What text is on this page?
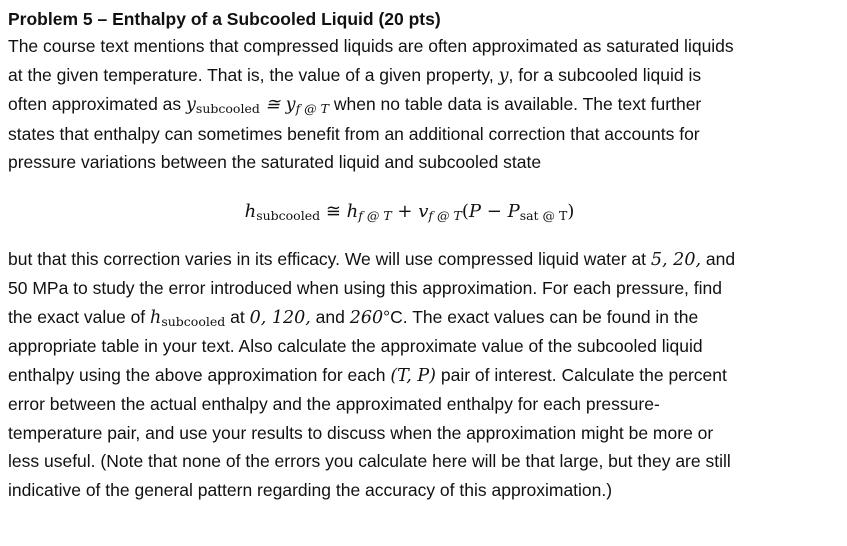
Problem 5 – Enthalpy of a Subcooled Liquid (20 pts)

The course text mentions that compressed liquids are often approximated as saturated liquids
at the given temperature. That is, the value of a given property, y, for a subcooled liquid is
often approximated as $y_{subcooled}$ ≅ $y_{f @ T}$ when no table data is available. The text further
states that enthalpy can sometimes benefit from an additional correction that accounts for
pressure variations between the saturated liquid and subcooled state

$h_{subcooled}$ ≅ $h_{f @ T} + v_{f @ T}(P - P_{sat @ T})$

but that this correction varies in its efficacy. We will use compressed liquid water at 5, 20, and
50 MPa to study the error introduced when using this approximation. For each pressure, find
the exact value of $h_{subcooled}$ at 0, 120, and 260°C. The exact values can be found in the
appropriate table in your text. Also calculate the approximate value of the subcooled liquid
enthalpy using the above approximation for each (T, P) pair of interest. Calculate the percent
error between the actual enthalpy and the approximated enthalpy for each pressure-
temperature pair, and use your results to discuss when the approximation might be more or
less useful. (Note that none of the errors you calculate here will be that large, but they are still
indicative of the general pattern regarding the accuracy of this approximation.)
